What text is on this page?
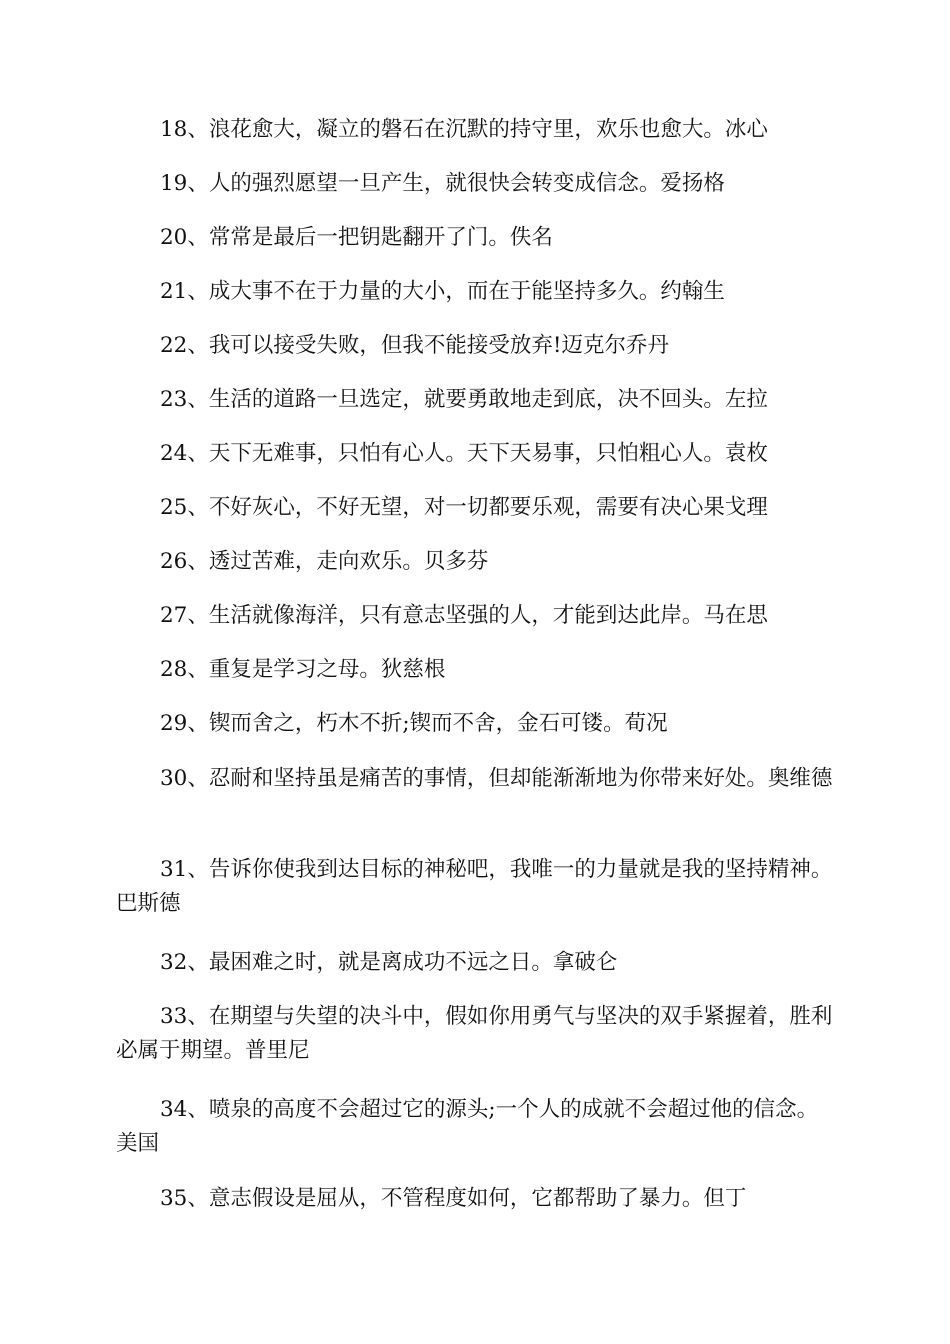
18、浪花愈大，凝立的磐石在沉默的持守里，欢乐也愈大。冰心

19、人的强烈愿望一旦产生，就很快会转变成信念。爱扬格

20、常常是最后一把钥匙翻开了门。佚名

21、成大事不在于力量的大小，而在于能坚持多久。约翰生

22、我可以接受失败，但我不能接受放弃!迈克尔乔丹

23、生活的道路一旦选定，就要勇敢地走到底，决不回头。左拉

24、天下无难事，只怕有心人。天下天易事，只怕粗心人。袁枚

25、不好灰心，不好无望，对一切都要乐观，需要有决心果戈理

26、透过苦难，走向欢乐。贝多芬

27、生活就像海洋，只有意志坚强的人，才能到达此岸。马在思

28、重复是学习之母。狄慈根

29、锲而舍之，朽木不折;锲而不舍，金石可镂。荀况

30、忍耐和坚持虽是痛苦的事情，但却能渐渐地为你带来好处。奥维德

31、告诉你使我到达目标的神秘吧，我唯一的力量就是我的坚持精神。巴斯德

32、最困难之时，就是离成功不远之日。拿破仑

33、在期望与失望的决斗中，假如你用勇气与坚决的双手紧握着，胜利必属于期望。普里尼

34、喷泉的高度不会超过它的源头;一个人的成就不会超过他的信念。美国

35、意志假设是屈从，不管程度如何，它都帮助了暴力。但丁
